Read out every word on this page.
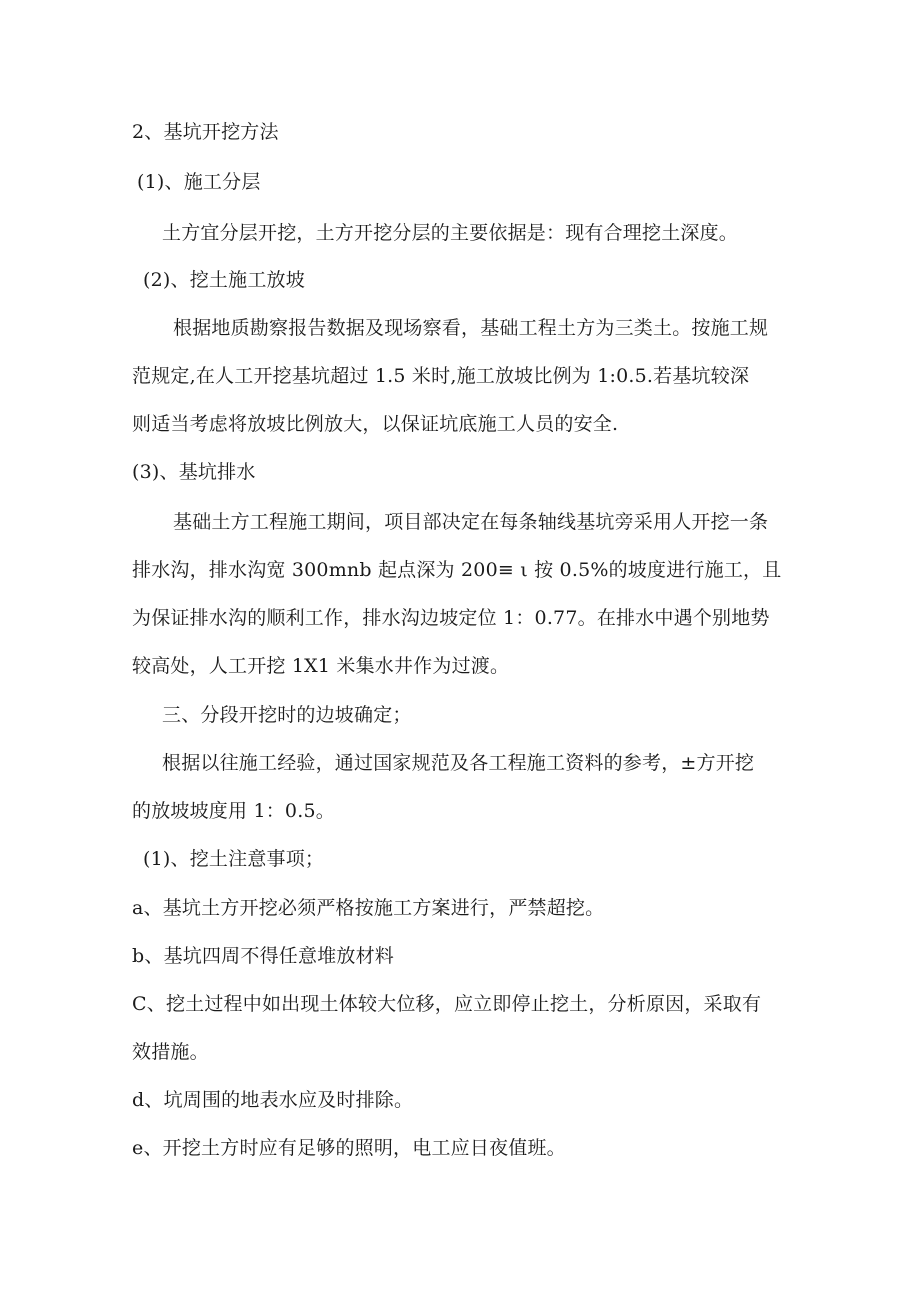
2、基坑开挖方法
(1)、施工分层
土方宜分层开挖，土方开挖分层的主要依据是：现有合理挖土深度。
(2)、挖土施工放坡
根据地质勘察报告数据及现场察看，基础工程土方为三类土。按施工规
范规定,在人工开挖基坑超过 1.5 米时,施工放坡比例为 1:0.5.若基坑较深
则适当考虑将放坡比例放大，以保证坑底施工人员的安全.
(3)、基坑排水
基础土方工程施工期间，项目部决定在每条轴线基坑旁采用人开挖一条
排水沟，排水沟宽 300mnb 起点深为 200≡ ι 按 0.5%的坡度进行施工，且
为保证排水沟的顺利工作，排水沟边坡定位 1：0.77。在排水中遇个别地势
较高处，人工开挖 1X1 米集水井作为过渡。
三、分段开挖时的边坡确定；
根据以往施工经验，通过国家规范及各工程施工资料的参考，±方开挖
的放坡坡度用 1：0.5。
(1)、挖土注意事项；
a、基坑土方开挖必须严格按施工方案进行，严禁超挖。
b、基坑四周不得任意堆放材料
C、挖土过程中如出现土体较大位移，应立即停止挖土，分析原因，采取有
效措施。
d、坑周围的地表水应及时排除。
e、开挖土方时应有足够的照明，电工应日夜值班。
